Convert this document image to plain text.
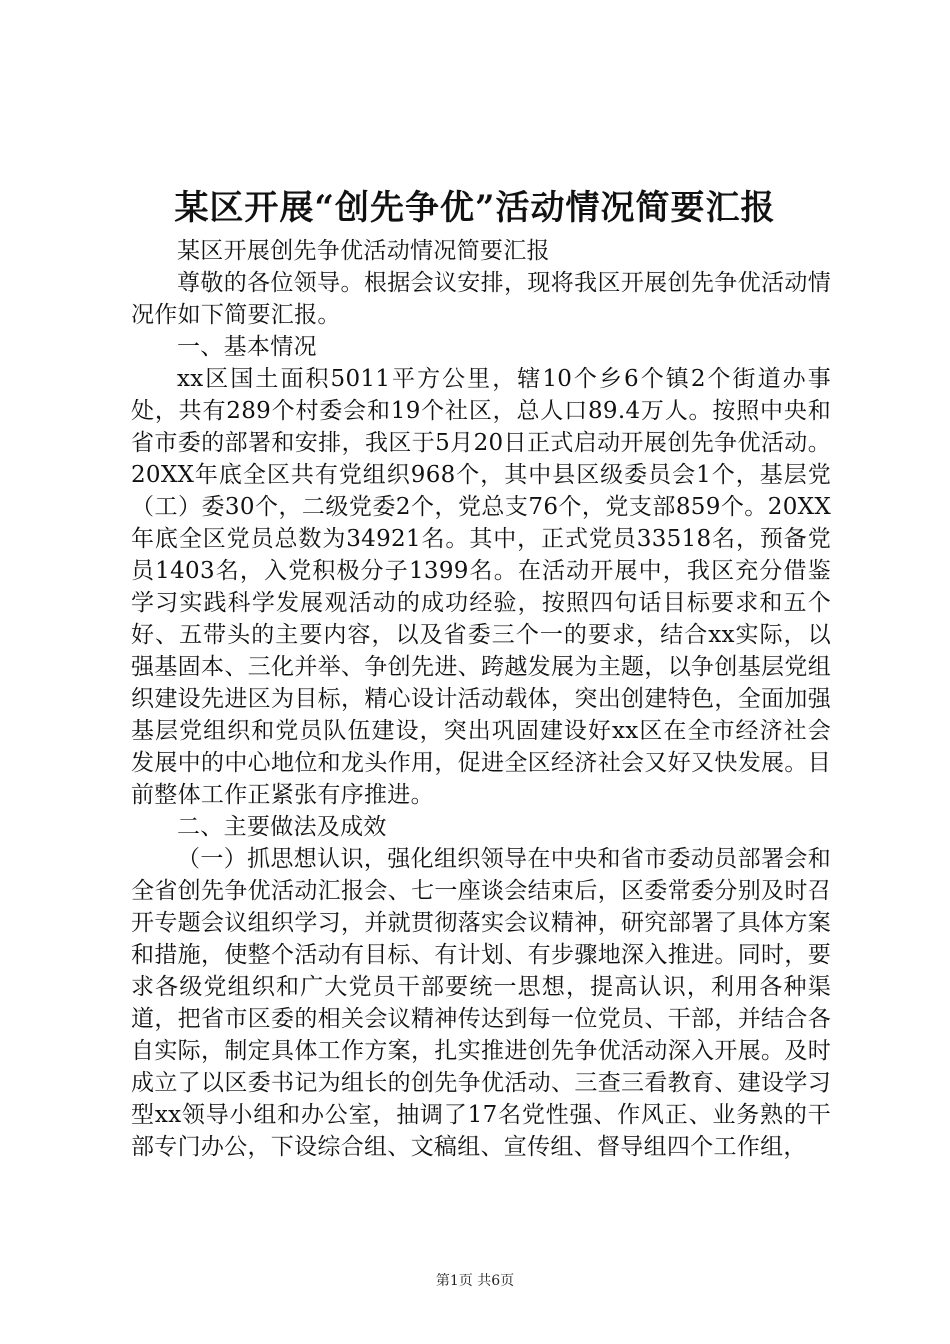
某区开展“创先争优”活动情况简要汇报

某区开展创先争优活动情况简要汇报

尊敬的各位领导。根据会议安排，现将我区开展创先争优活动情况作如下简要汇报。

一、基本情况

xx区国土面积5011平方公里，辖10个乡6个镇2个街道办事处，共有289个村委会和19个社区，总人口89.4万人。按照中央和省市委的部署和安排，我区于5月20日正式启动开展创先争优活动。20XX年底全区共有党组织968个，其中县区级委员会1个，基层党（工）委30个，二级党委2个，党总支76个，党支部859个。20XX年底全区党员总数为34921名。其中，正式党员33518名，预备党员1403名，入党积极分子1399名。在活动开展中，我区充分借鉴学习实践科学发展观活动的成功经验，按照四句话目标要求和五个好、五带头的主要内容，以及省委三个一的要求，结合xx实际，以强基固本、三化并举、争创先进、跨越发展为主题，以争创基层党组织建设先进区为目标，精心设计活动载体，突出创建特色，全面加强基层党组织和党员队伍建设，突出巩固建设好xx区在全市经济社会发展中的中心地位和龙头作用，促进全区经济社会又好又快发展。目前整体工作正紧张有序推进。

二、主要做法及成效

（一）抓思想认识，强化组织领导在中央和省市委动员部署会和全省创先争优活动汇报会、七一座谈会结束后，区委常委分别及时召开专题会议组织学习，并就贯彻落实会议精神，研究部署了具体方案和措施，使整个活动有目标、有计划、有步骤地深入推进。同时，要求各级党组织和广大党员干部要统一思想，提高认识，利用各种渠道，把省市区委的相关会议精神传达到每一位党员、干部，并结合各自实际，制定具体工作方案，扎实推进创先争优活动深入开展。及时成立了以区委书记为组长的创先争优活动、三查三看教育、建设学习型xx领导小组和办公室，抽调了17名党性强、作风正、业务熟的干部专门办公，下设综合组、文稿组、宣传组、督导组四个工作组，

第1页 共6页
